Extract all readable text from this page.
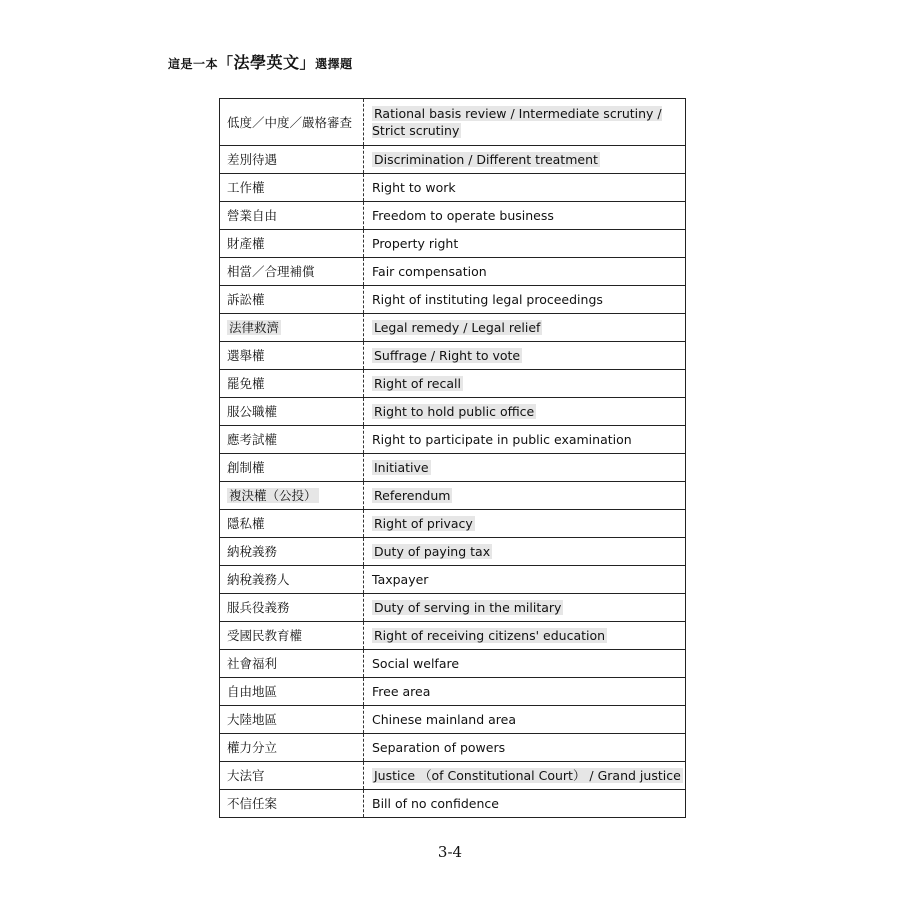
這是一本「法學英文」選擇題
低度／中度／嚴格審查	Rational basis review / Intermediate scrutiny / Strict scrutiny
差別待遇	Discrimination / Different treatment
工作權	Right to work
營業自由	Freedom to operate business
財產權	Property right
相當／合理補償	Fair compensation
訴訟權	Right of instituting legal proceedings
法律救濟	Legal remedy / Legal relief
選舉權	Suffrage / Right to vote
罷免權	Right of recall
服公職權	Right to hold public office
應考試權	Right to participate in public examination
創制權	Initiative
複決權（公投）	Referendum
隱私權	Right of privacy
納稅義務	Duty of paying tax
納稅義務人	Taxpayer
服兵役義務	Duty of serving in the military
受國民教育權	Right of receiving citizens' education
社會福利	Social welfare
自由地區	Free area
大陸地區	Chinese mainland area
權力分立	Separation of powers
大法官	Justice （of Constitutional Court） / Grand justice
不信任案	Bill of no confidence
3-4
